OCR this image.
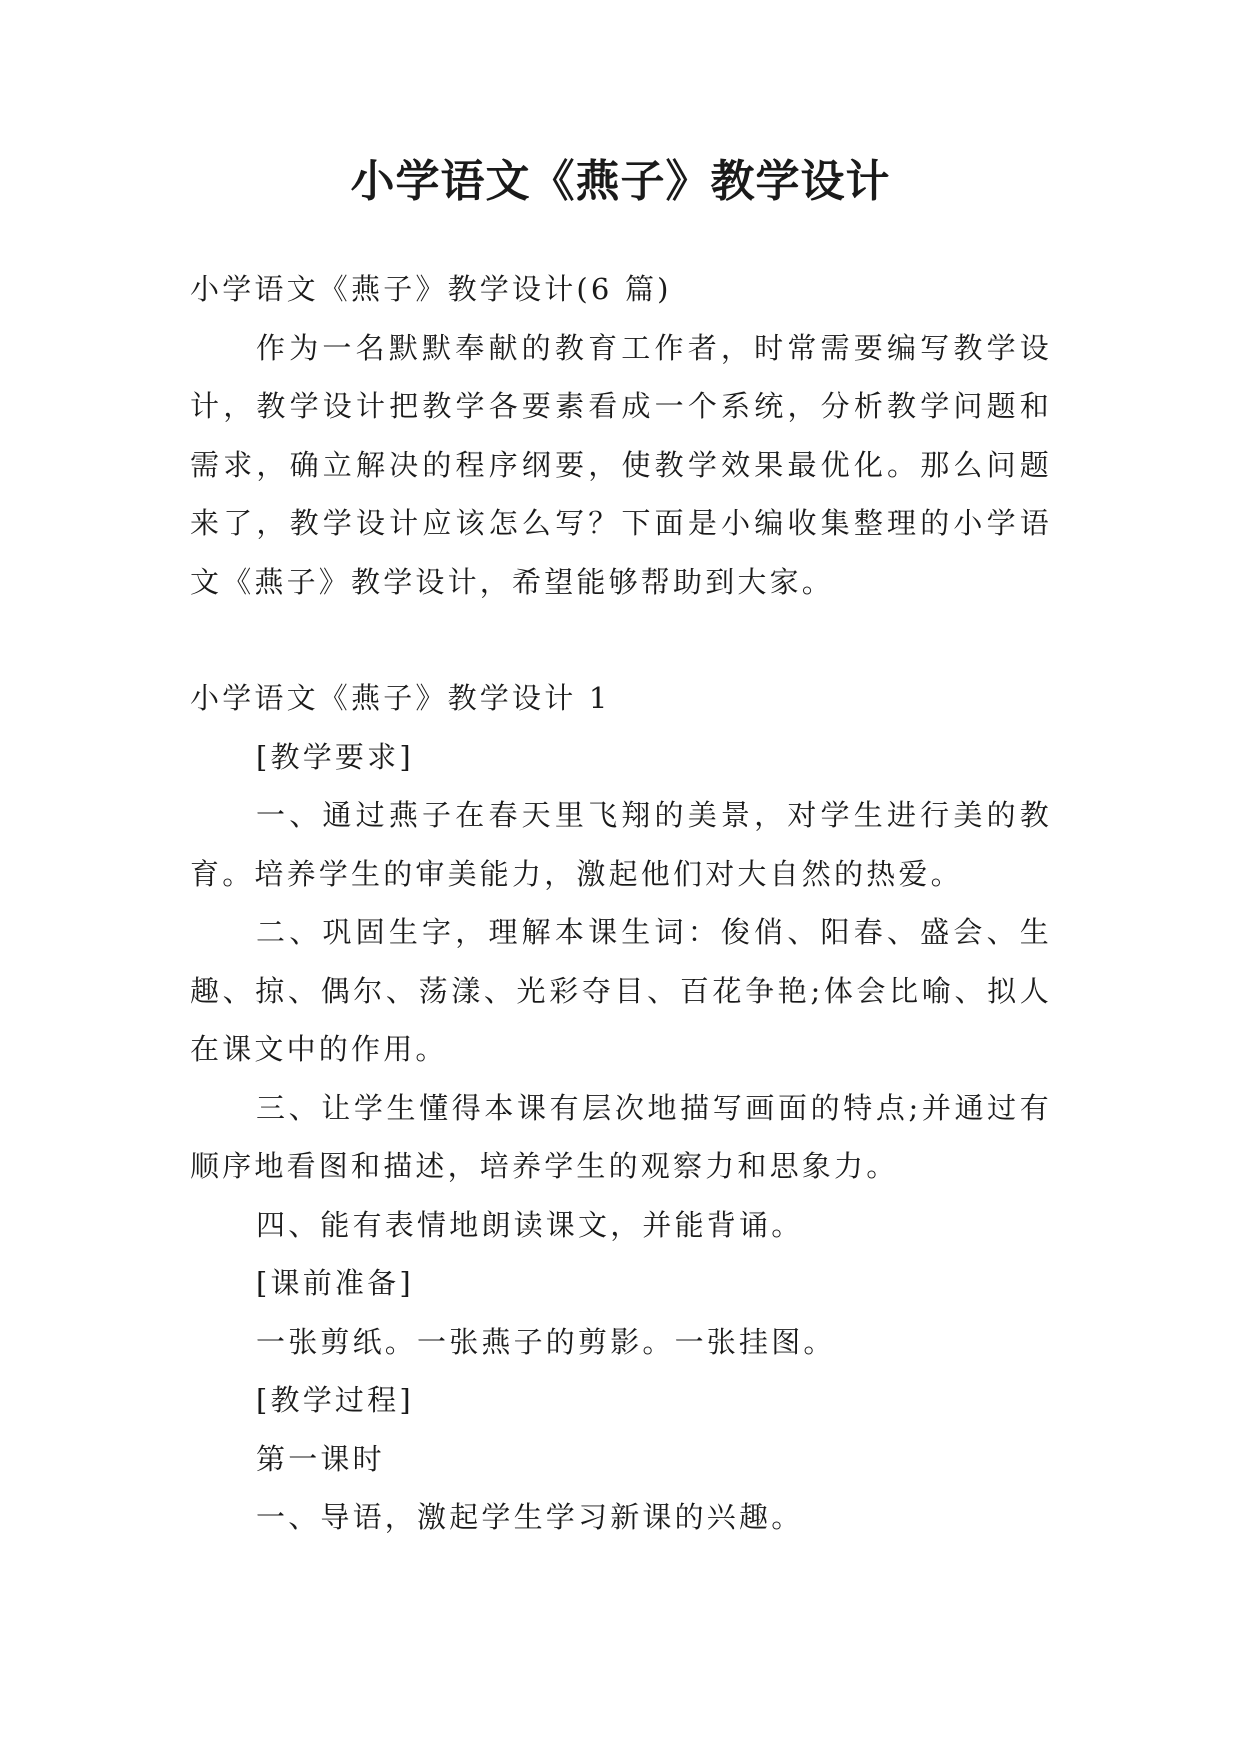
小学语文《燕子》教学设计

小学语文《燕子》教学设计(6 篇)

作为一名默默奉献的教育工作者，时常需要编写教学设计，教学设计把教学各要素看成一个系统，分析教学问题和需求，确立解决的程序纲要，使教学效果最优化。那么问题来了，教学设计应该怎么写？下面是小编收集整理的小学语文《燕子》教学设计，希望能够帮助到大家。

小学语文《燕子》教学设计 1

[教学要求]

一、通过燕子在春天里飞翔的美景，对学生进行美的教育。培养学生的审美能力，激起他们对大自然的热爱。

二、巩固生字，理解本课生词：俊俏、阳春、盛会、生趣、掠、偶尔、荡漾、光彩夺目、百花争艳;体会比喻、拟人在课文中的作用。

三、让学生懂得本课有层次地描写画面的特点;并通过有顺序地看图和描述，培养学生的观察力和思象力。

四、能有表情地朗读课文，并能背诵。

[课前准备]

一张剪纸。一张燕子的剪影。一张挂图。

[教学过程]

第一课时

一、导语，激起学生学习新课的兴趣。
